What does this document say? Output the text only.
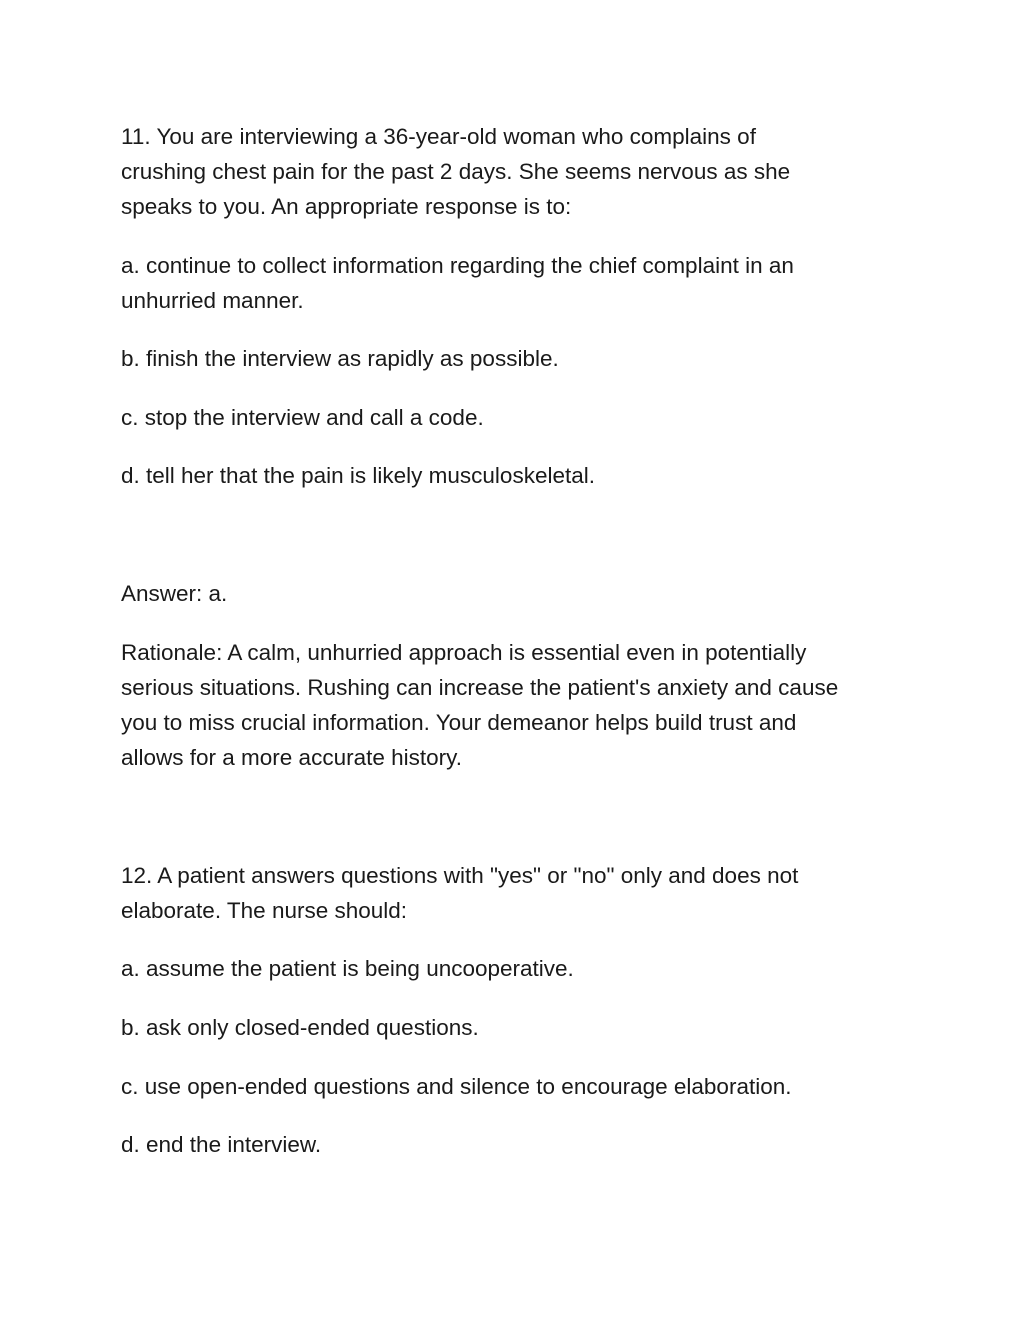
11. You are interviewing a 36-year-old woman who complains of

crushing chest pain for the past 2 days. She seems nervous as she

speaks to you. An appropriate response is to:

a. continue to collect information regarding the chief complaint in an

unhurried manner.

b. finish the interview as rapidly as possible.

c. stop the interview and call a code.

d. tell her that the pain is likely musculoskeletal.

Answer: a.

Rationale: A calm, unhurried approach is essential even in potentially

serious situations. Rushing can increase the patient's anxiety and cause

you to miss crucial information. Your demeanor helps build trust and

allows for a more accurate history.

12. A patient answers questions with "yes" or "no" only and does not

elaborate. The nurse should:

a. assume the patient is being uncooperative.

b. ask only closed-ended questions.

c. use open-ended questions and silence to encourage elaboration.

d. end the interview.
